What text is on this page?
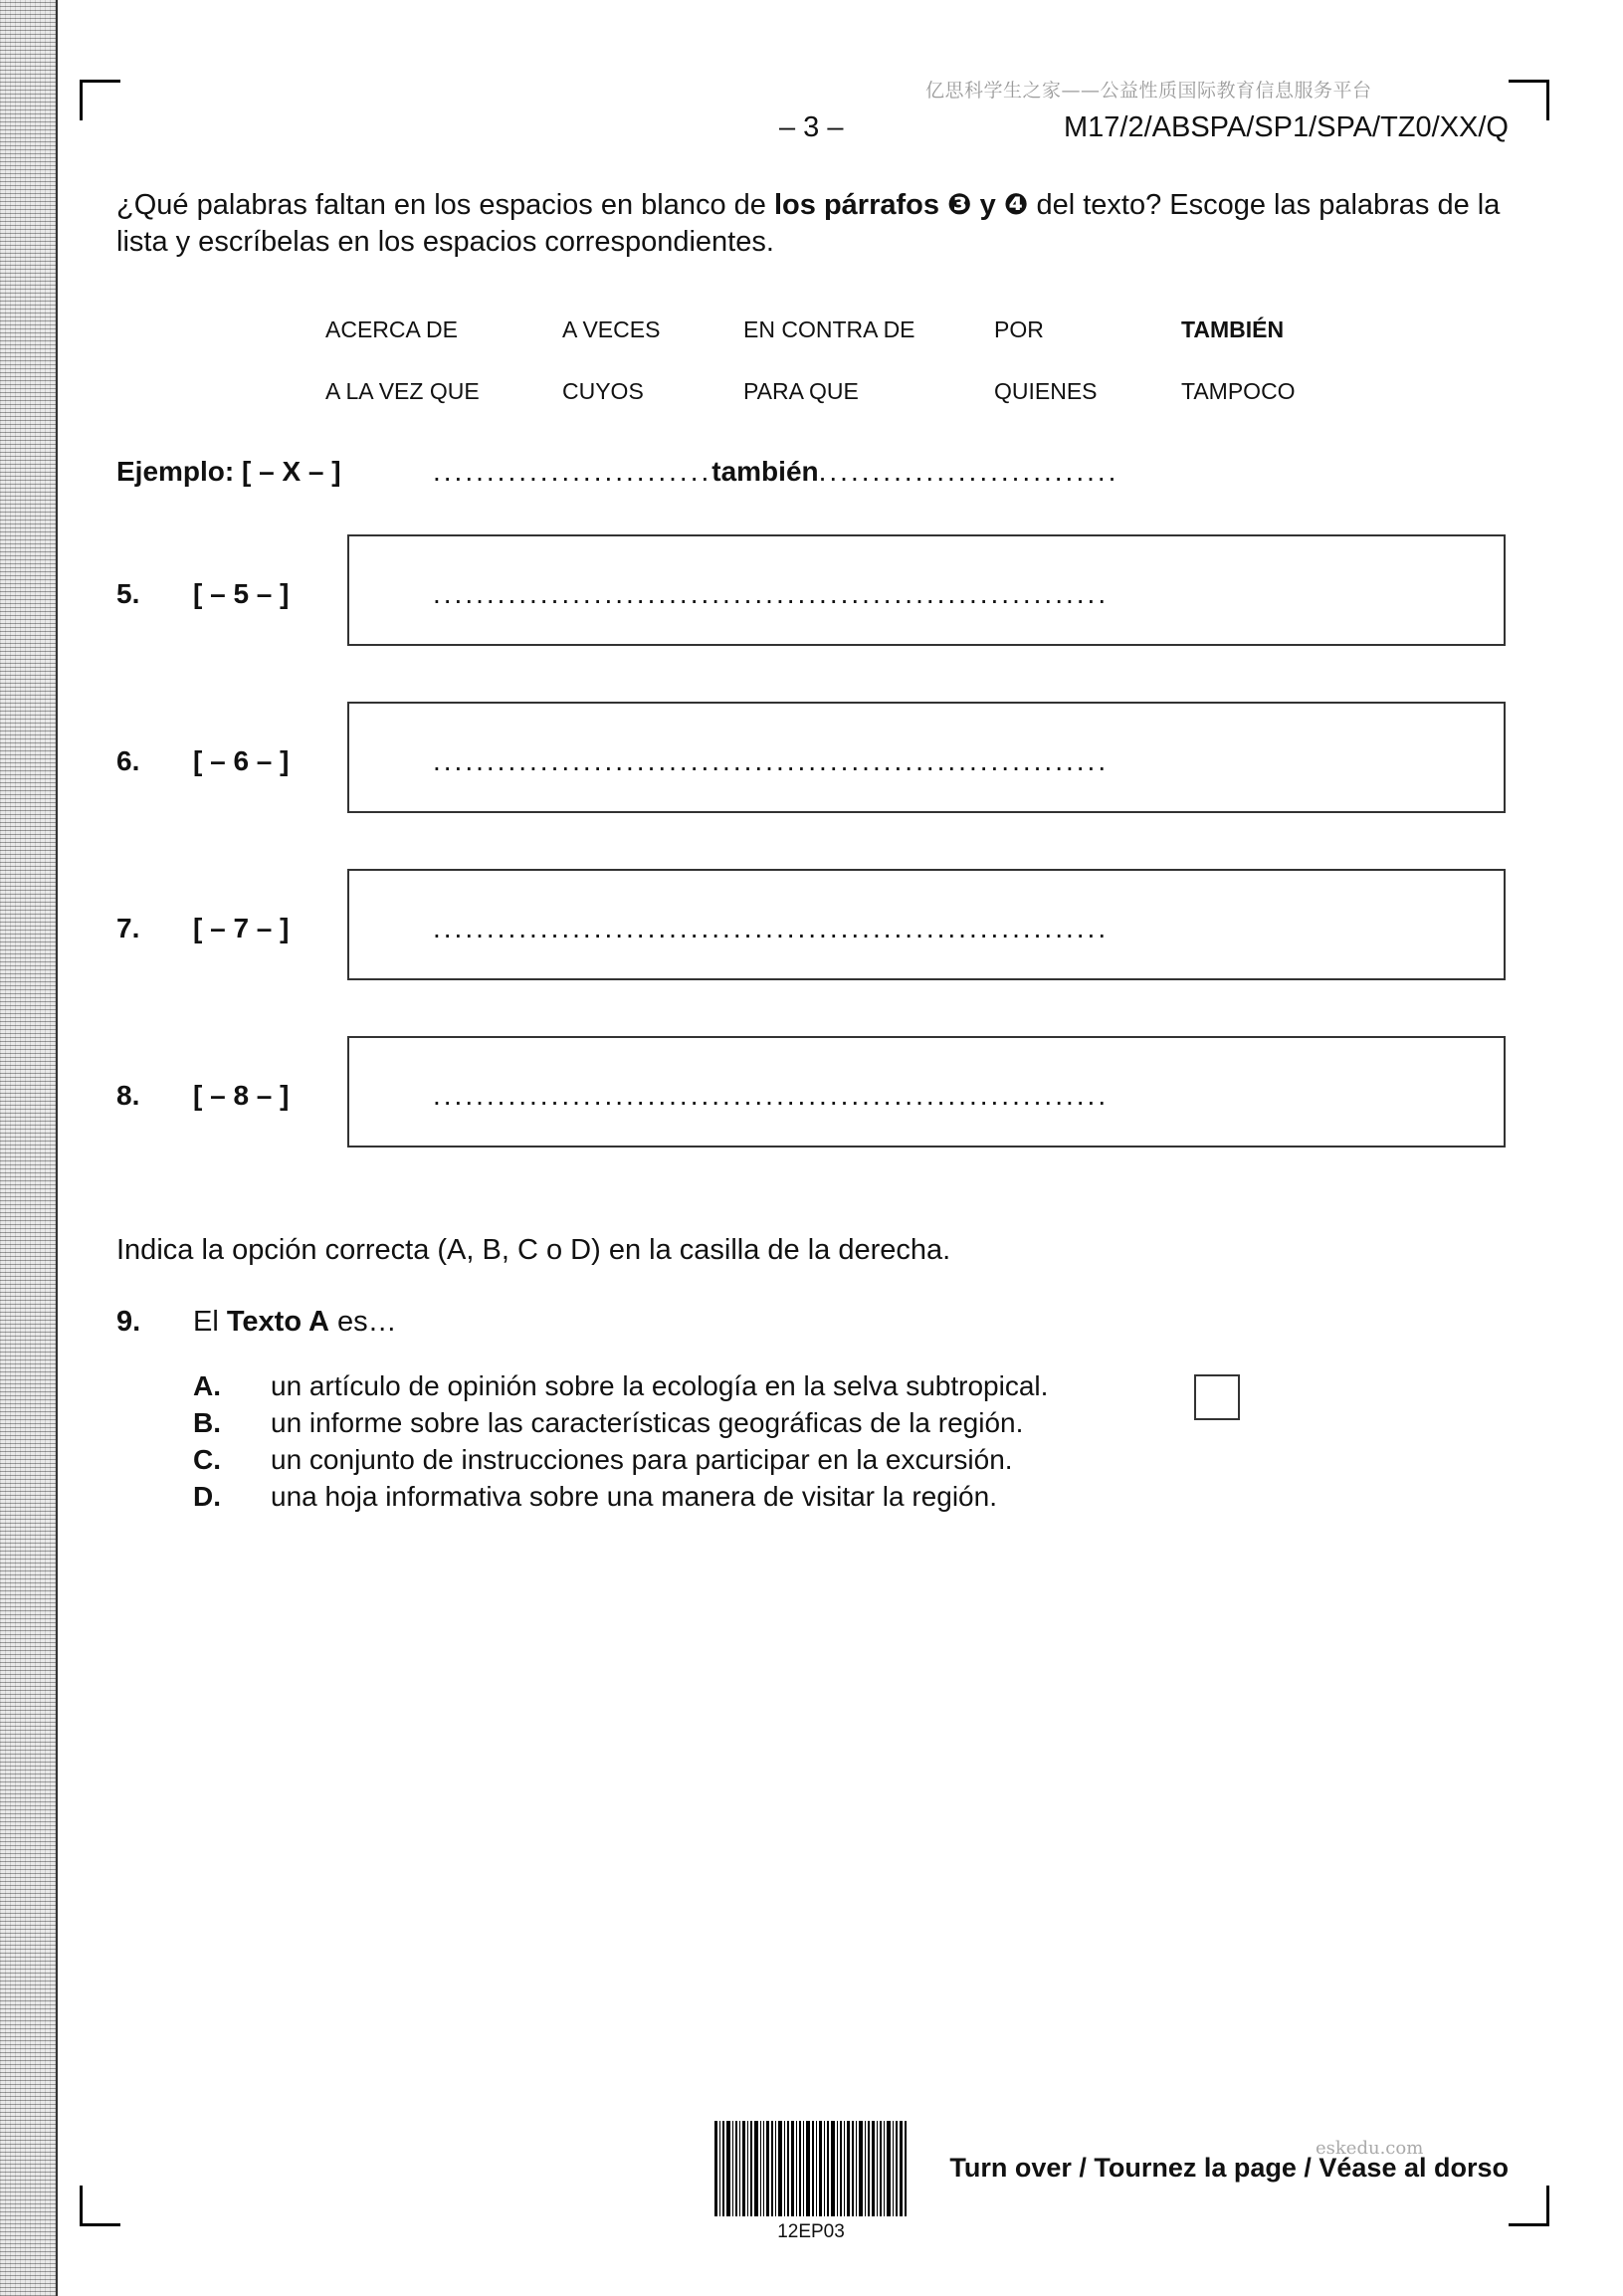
亿思科学生之家——公益性质国际教育信息服务平台
– 3 –	M17/2/ABSPA/SP1/SPA/TZ0/XX/Q
¿Qué palabras faltan en los espacios en blanco de los párrafos ❸ y ❹ del texto? Escoge las palabras de la lista y escríbelas en los espacios correspondientes.
ACERCA DE	A VECES	EN CONTRA DE	POR	TAMBIÉN
A LA VEZ QUE	CUYOS	PARA QUE	QUIENES	TAMPOCO
Ejemplo: [ – X – ]	..........................también............................
5. [ – 5 – ]	...............................................................
6. [ – 6 – ]	...............................................................
7. [ – 7 – ]	...............................................................
8. [ – 8 – ]	...............................................................
Indica la opción correcta (A, B, C o D) en la casilla de la derecha.
9. El Texto A es…
A. un artículo de opinión sobre la ecología en la selva subtropical.
B. un informe sobre las características geográficas de la región.
C. un conjunto de instrucciones para participar en la excursión.
D. una hoja informativa sobre una manera de visitar la región.
12EP03
eskedu.com
Turn over / Tournez la page / Véase al dorso
